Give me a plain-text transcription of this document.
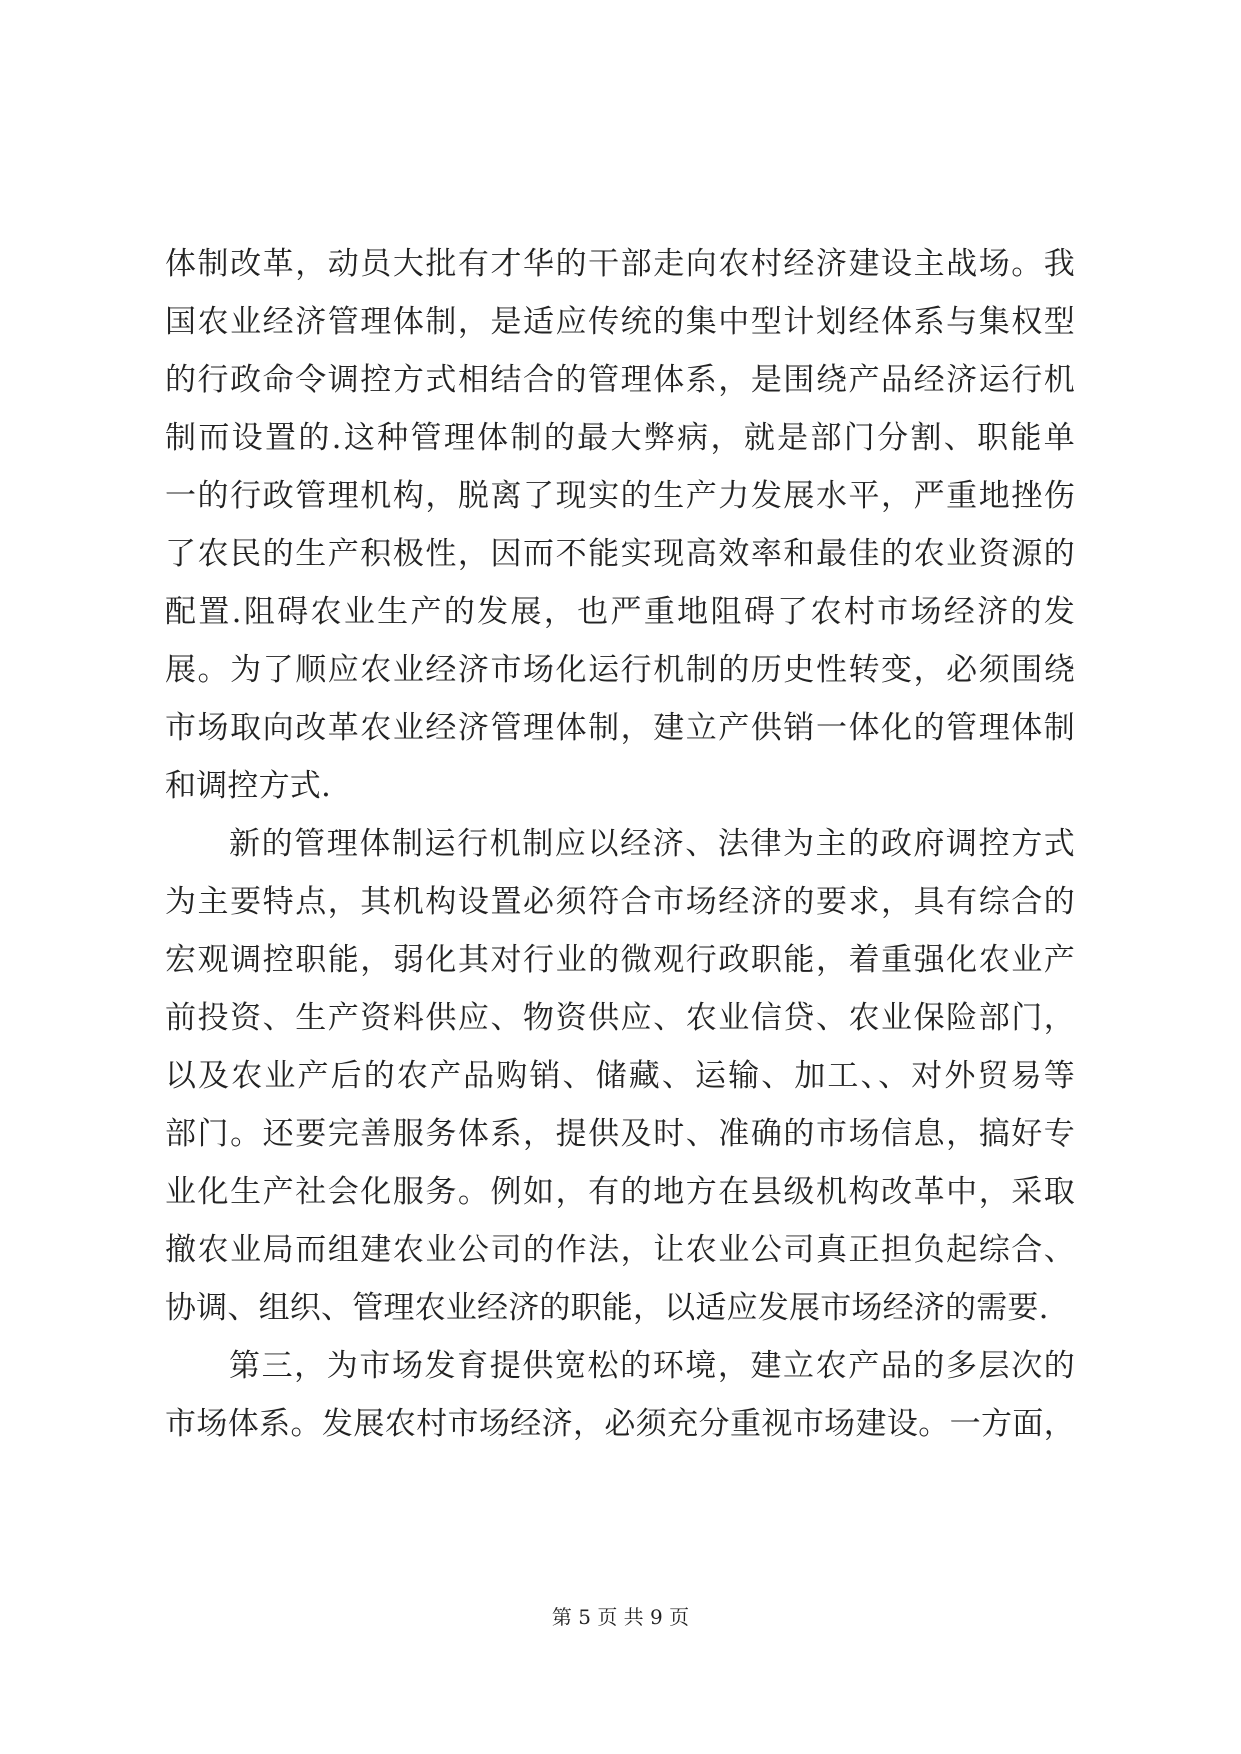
体制改革，动员大批有才华的干部走向农村经济建设主战场。我
国农业经济管理体制，是适应传统的集中型计划经体系与集权型
的行政命令调控方式相结合的管理体系，是围绕产品经济运行机
制而设置的.这种管理体制的最大弊病，就是部门分割、职能单
一的行政管理机构，脱离了现实的生产力发展水平，严重地挫伤
了农民的生产积极性，因而不能实现高效率和最佳的农业资源的
配置.阻碍农业生产的发展，也严重地阻碍了农村市场经济的发
展。为了顺应农业经济市场化运行机制的历史性转变，必须围绕
市场取向改革农业经济管理体制，建立产供销一体化的管理体制
和调控方式.
新的管理体制运行机制应以经济、法律为主的政府调控方式
为主要特点，其机构设置必须符合市场经济的要求，具有综合的
宏观调控职能，弱化其对行业的微观行政职能，着重强化农业产
前投资、生产资料供应、物资供应、农业信贷、农业保险部门，
以及农业产后的农产品购销、储藏、运输、加工、、对外贸易等
部门。还要完善服务体系，提供及时、准确的市场信息，搞好专
业化生产社会化服务。例如，有的地方在县级机构改革中，采取
撤农业局而组建农业公司的作法，让农业公司真正担负起综合、
协调、组织、管理农业经济的职能，以适应发展市场经济的需要.
第三，为市场发育提供宽松的环境，建立农产品的多层次的
市场体系。发展农村市场经济，必须充分重视市场建设。一方面，
第 5 页 共 9 页
